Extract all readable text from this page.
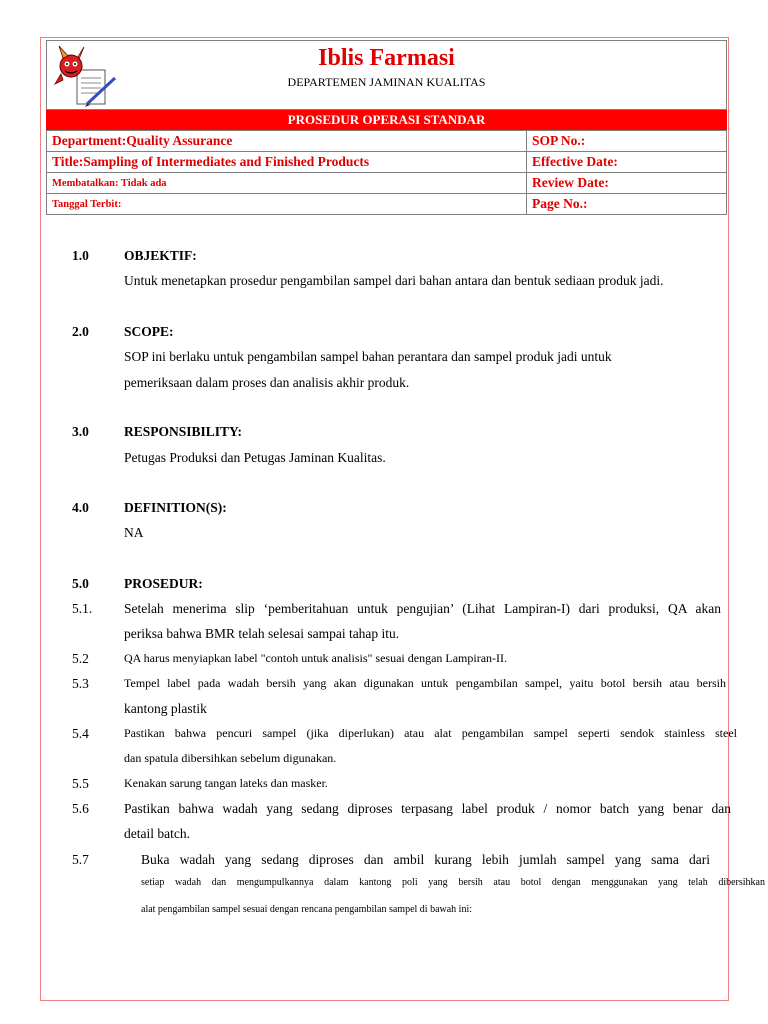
Iblis Farmasi
DEPARTEMEN JAMINAN KUALITAS
PROSEDUR OPERASI STANDAR
Department:Quality Assurance	SOP No.:
Title:Sampling of Intermediates and Finished Products	Effective Date:
Membatalkan: Tidak ada	Review Date:
Tanggal Terbit:	Page No.:
1.0	OBJEKTIF:
Untuk menetapkan prosedur pengambilan sampel dari bahan antara dan bentuk sediaan produk jadi.
2.0	SCOPE:
SOP ini berlaku untuk pengambilan sampel bahan perantara dan sampel produk jadi untuk
pemeriksaan dalam proses dan analisis akhir produk.
3.0	RESPONSIBILITY:
Petugas Produksi dan Petugas Jaminan Kualitas.
4.0	DEFINITION(S):
NA
5.0	PROSEDUR:
5.1. Setelah menerima slip ‘pemberitahuan untuk pengujian’ (Lihat Lampiran-I) dari produksi, QA akan
periksa bahwa BMR telah selesai sampai tahap itu.
5.2	QA harus menyiapkan label "contoh untuk analisis" sesuai dengan Lampiran-II.
5.3	Tempel label pada wadah bersih yang akan digunakan untuk pengambilan sampel, yaitu botol bersih atau bersih
kantong plastik
5.4	Pastikan bahwa pencuri sampel (jika diperlukan) atau alat pengambilan sampel seperti sendok stainless steel
dan spatula dibersihkan sebelum digunakan.
5.5	Kenakan sarung tangan lateks dan masker.
5.6	Pastikan bahwa wadah yang sedang diproses terpasang label produk / nomor batch yang benar dan
detail batch.
5.7	Buka wadah yang sedang diproses dan ambil kurang lebih jumlah sampel yang sama dari
setiap wadah dan mengumpulkannya dalam kantong poli yang bersih atau botol dengan menggunakan yang telah dibersihkan
alat pengambilan sampel sesuai dengan rencana pengambilan sampel di bawah ini:
